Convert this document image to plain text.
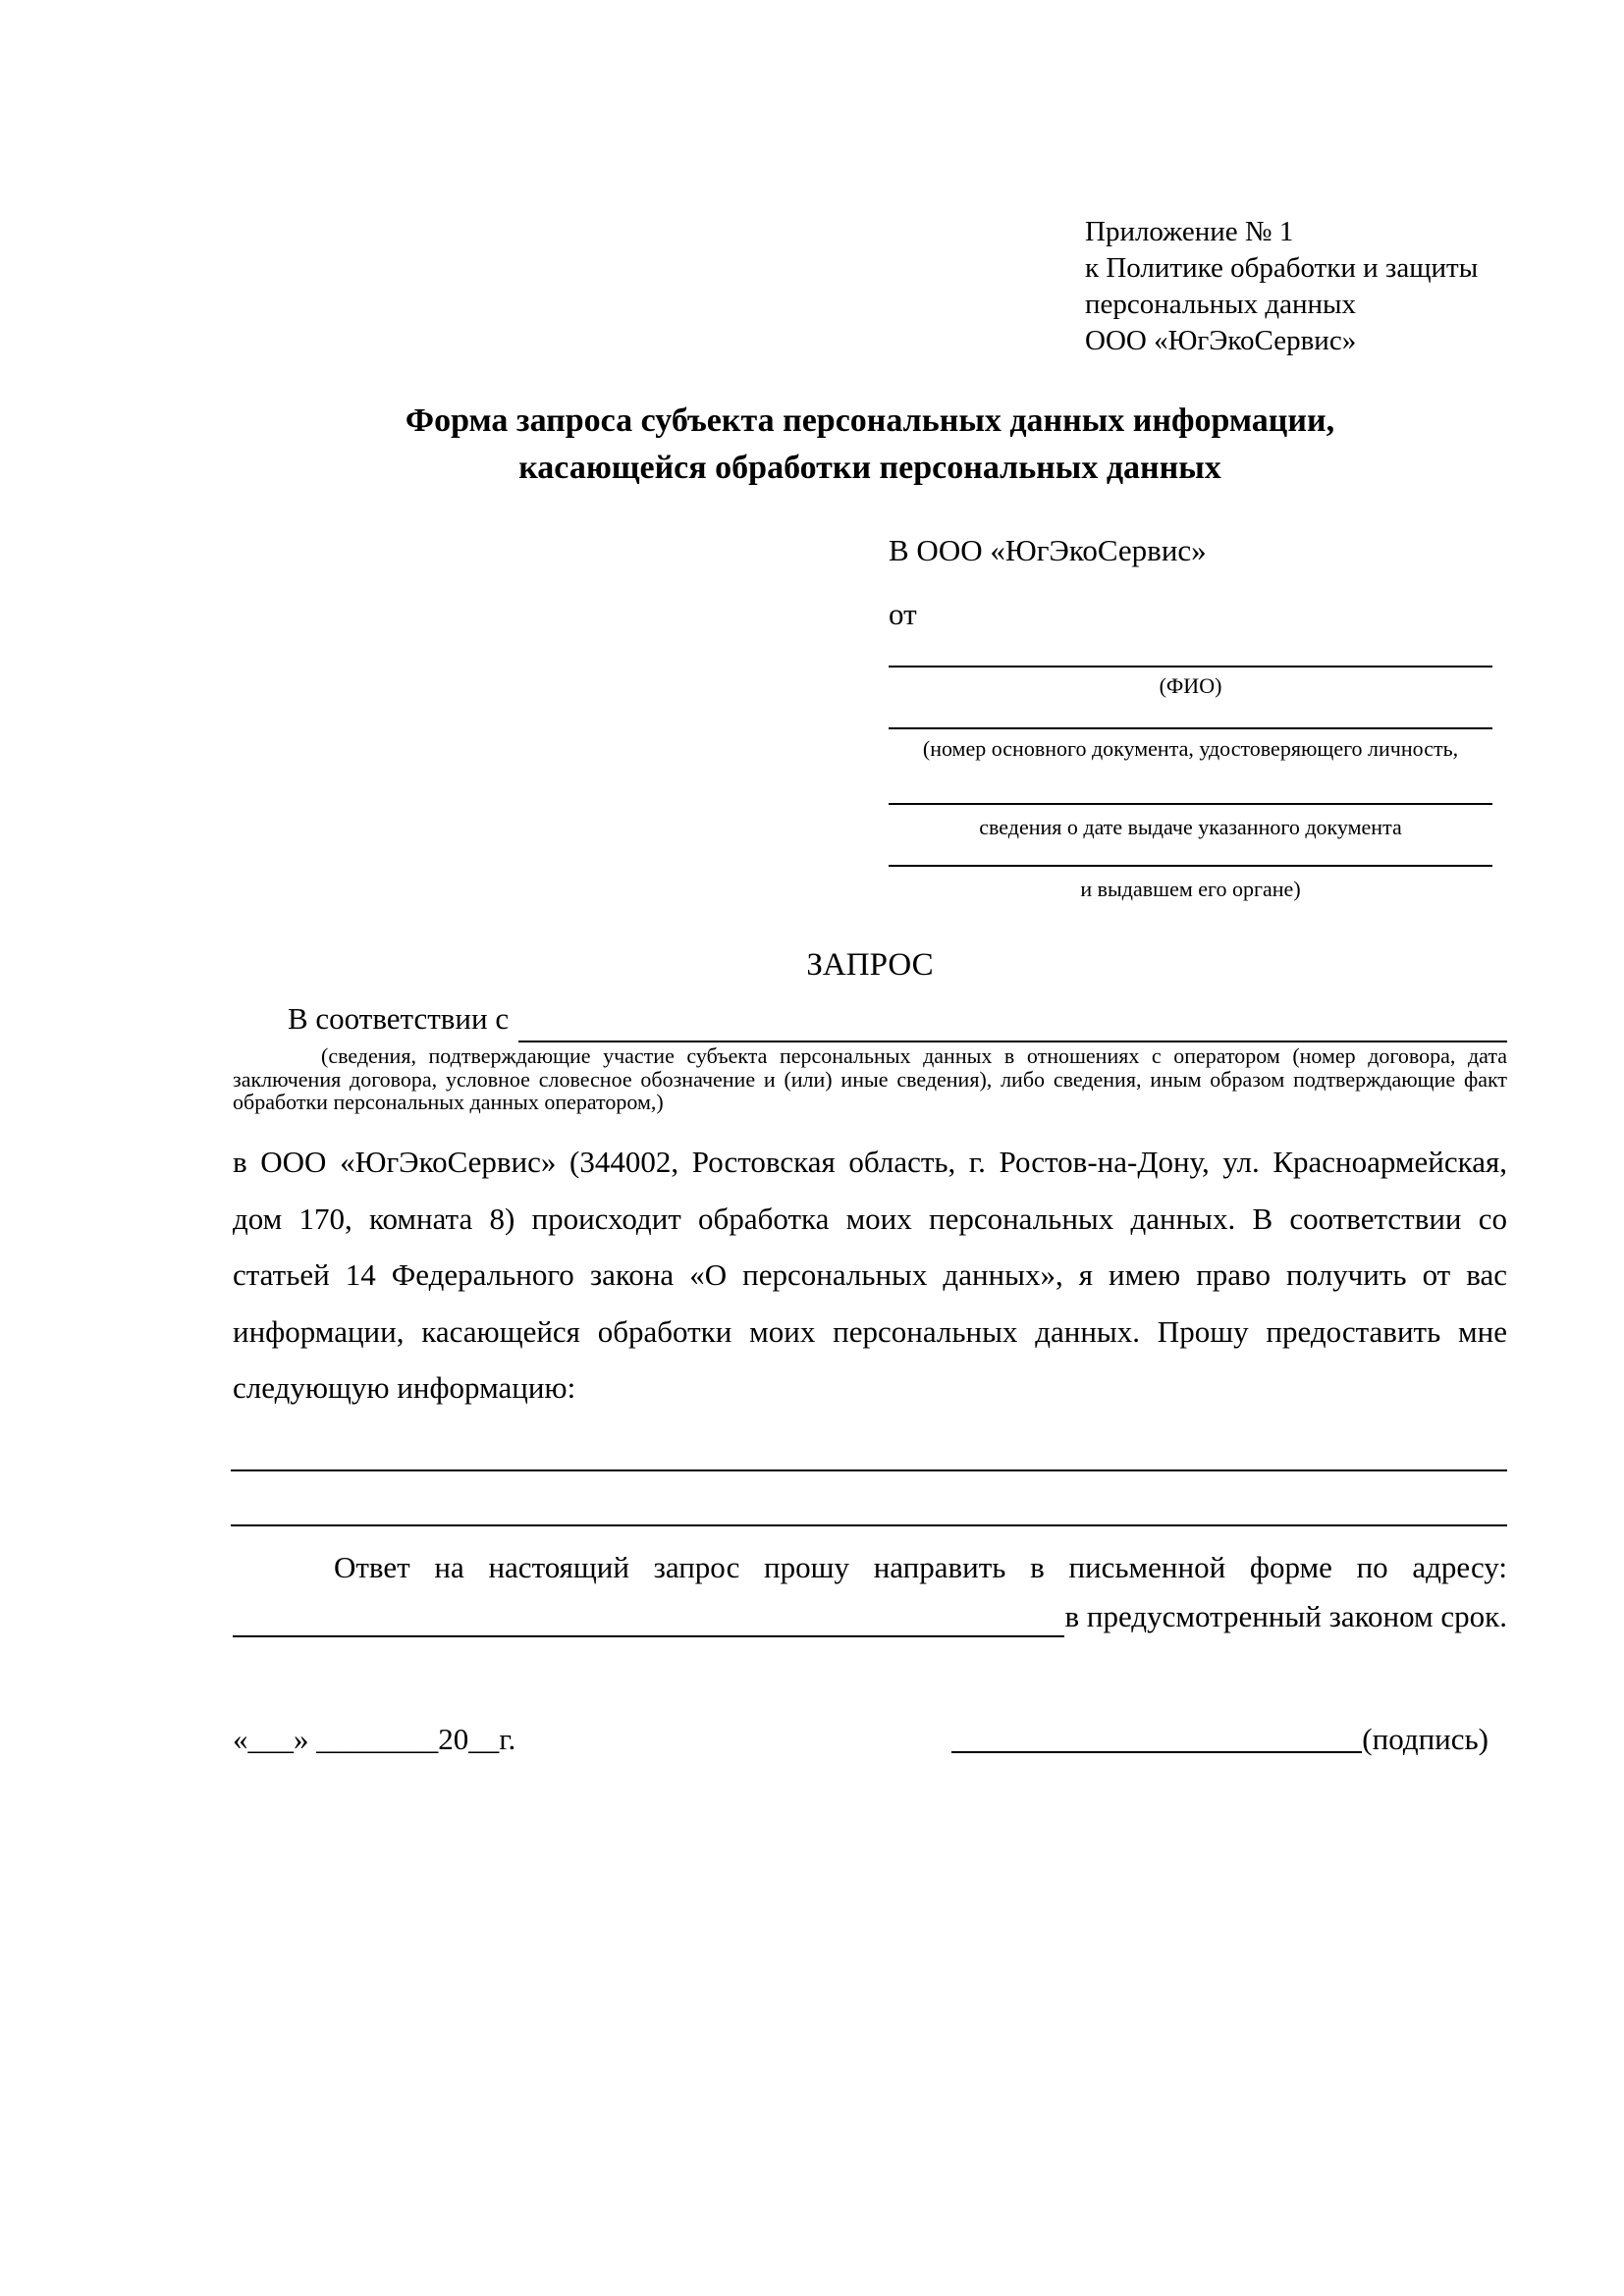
Приложение № 1
к Политике обработки и защиты
персональных данных
ООО «ЮгЭкоСервис»
Форма запроса субъекта персональных данных информации,
касающейся обработки персональных данных
В ООО «ЮгЭкоСервис»
от
(ФИО)
(номер основного документа, удостоверяющего личность,
сведения о дате выдаче указанного документа
и выдавшем его органе)
ЗАПРОС
В соответствии с
(сведения, подтверждающие участие субъекта персональных данных в отношениях с оператором (номер договора, дата заключения договора, условное словесное обозначение и (или) иные сведения), либо сведения, иным образом подтверждающие факт обработки персональных данных оператором,)
в ООО «ЮгЭкоСервис» (344002, Ростовская область, г. Ростов-на-Дону, ул. Красноармейская, дом 170, комната 8) происходит обработка моих персональных данных. В соответствии со статьей 14 Федерального закона «О персональных данных», я имею право получить от вас информации, касающейся обработки моих персональных данных. Прошу предоставить мне следующую информацию:
Ответ на настоящий запрос прошу направить в письменной форме по адресу:
в предусмотренный законом срок.
«___» ________20__г.	(подпись)
